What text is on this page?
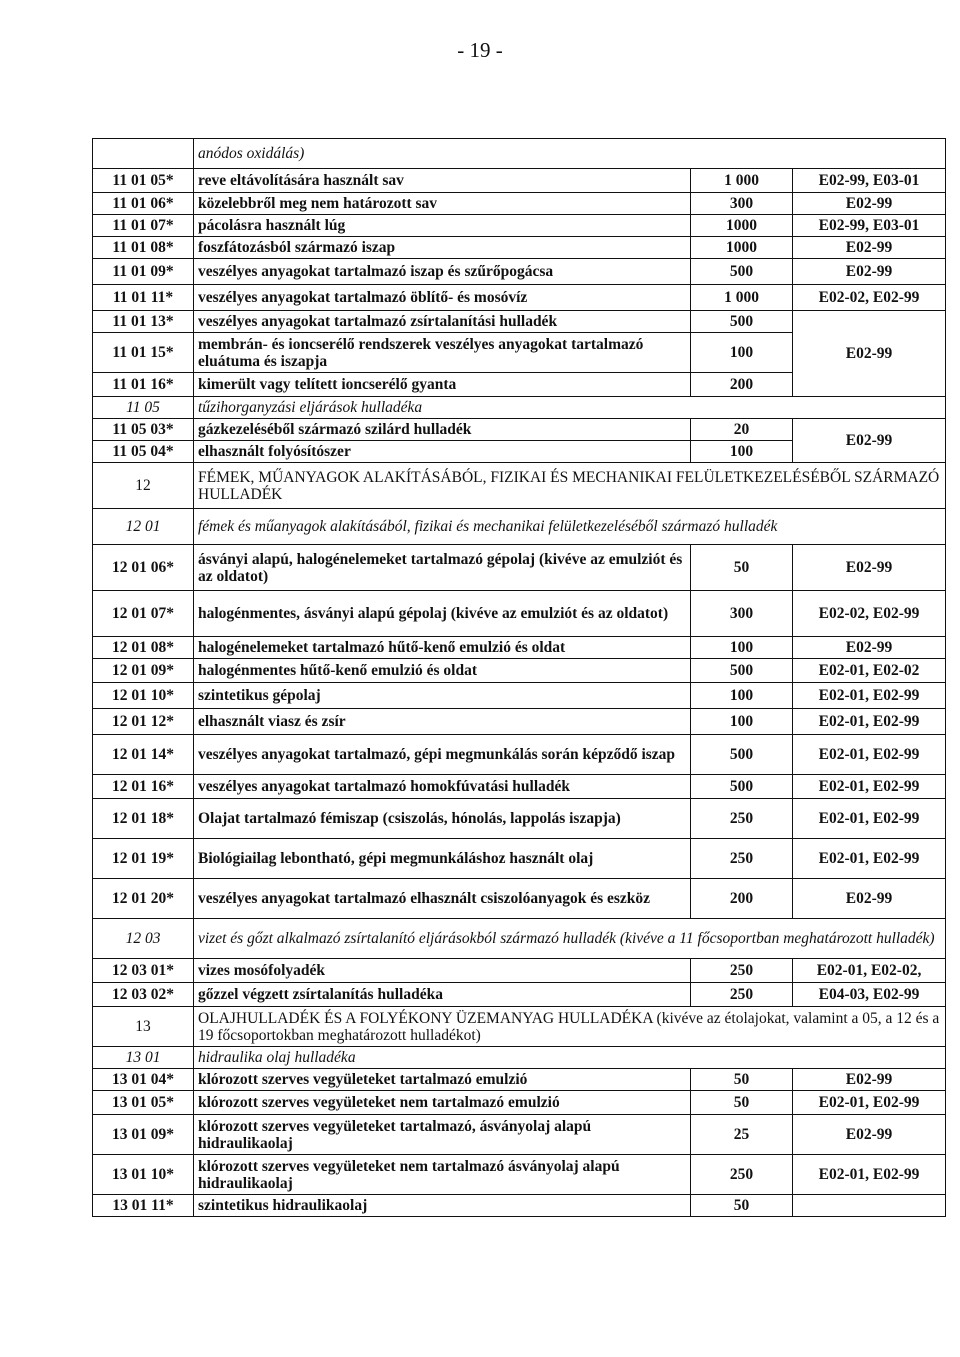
- 19 -
	anódos oxidálás)		
11 01 05*	reve eltávolítására használt sav	1 000	E02-99, E03-01
11 01 06*	közelebbről meg nem határozott sav	300	E02-99
11 01 07*	pácolásra használt lúg	1000	E02-99, E03-01
11 01 08*	foszfátozásból származó iszap	1000	E02-99
11 01 09*	veszélyes anyagokat tartalmazó iszap és szűrőpogácsa	500	E02-99
11 01 11*	veszélyes anyagokat tartalmazó öblítő- és mosóvíz	1 000	E02-02, E02-99
11 01 13*	veszélyes anyagokat tartalmazó zsírtalanítási hulladék	500	E02-99
11 01 15*	membrán- és ioncserélő rendszerek veszélyes anyagokat tartalmazó eluátuma és iszapja	100	
11 01 16*	kimerült vagy telített ioncserélő gyanta	200	
11 05	tűzihorganyzási eljárások hulladéka		
11 05 03*	gázkezeléséből származó szilárd hulladék	20	E02-99
11 05 04*	elhasznált folyósítószer	100	
12	FÉMEK, MŰANYAGOK ALAKÍTÁSÁBÓL, FIZIKAI ÉS MECHANIKAI FELÜLETKEZELÉSÉBŐL SZÁRMAZÓ HULLADÉK		
12 01	fémek és műanyagok alakításából, fizikai és mechanikai felületkezeléséből származó hulladék		
12 01 06*	ásványi alapú, halogénelemeket tartalmazó gépolaj (kivéve az emulziót és az oldatot)	50	E02-99
12 01 07*	halogénmentes, ásványi alapú gépolaj (kivéve az emulziót és az oldatot)	300	E02-02, E02-99
12 01 08*	halogénelemeket tartalmazó hűtő-kenő emulzió és oldat	100	E02-99
12 01 09*	halogénmentes hűtő-kenő emulzió és oldat	500	E02-01, E02-02
12 01 10*	szintetikus gépolaj	100	E02-01, E02-99
12 01 12*	elhasznált viasz és zsír	100	E02-01, E02-99
12 01 14*	veszélyes anyagokat tartalmazó, gépi megmunkálás során képződő iszap	500	E02-01, E02-99
12 01 16*	veszélyes anyagokat tartalmazó homokfúvatási hulladék	500	E02-01, E02-99
12 01 18*	Olajat tartalmazó fémiszap (csiszolás, hónolás, lappolás iszapja)	250	E02-01, E02-99
12 01 19*	Biológiailag lebontható, gépi megmunkáláshoz használt olaj	250	E02-01, E02-99
12 01 20*	veszélyes anyagokat tartalmazó elhasznált csiszolóanyagok és eszköz	200	E02-99
12 03	vizet és gőzt alkalmazó zsírtalanító eljárásokból származó hulladék (kivéve a 11 főcsoportban meghatározott hulladék)		
12 03 01*	vizes mosófolyadék	250	E02-01, E02-02,
12 03 02*	gőzzel végzett zsírtalanítás hulladéka	250	E04-03, E02-99
13	OLAJHULLADÉK ÉS A FOLYÉKONY ÜZEMANYAG HULLADÉKA (kivéve az étolajokat, valamint a 05, a 12 és a 19 főcsoportokban meghatározott hulladékot)		
13 01	hidraulika olaj hulladéka		
13 01 04*	klórozott szerves vegyületeket tartalmazó emulzió	50	E02-99
13 01 05*	klórozott szerves vegyületeket nem tartalmazó emulzió	50	E02-01, E02-99
13 01 09*	klórozott szerves vegyületeket tartalmazó, ásványolaj alapú hidraulikaolaj	25	E02-99
13 01 10*	klórozott szerves vegyületeket nem tartalmazó ásványolaj alapú hidraulikaolaj	250	E02-01, E02-99
13 01 11*	szintetikus hidraulikaolaj	50	
